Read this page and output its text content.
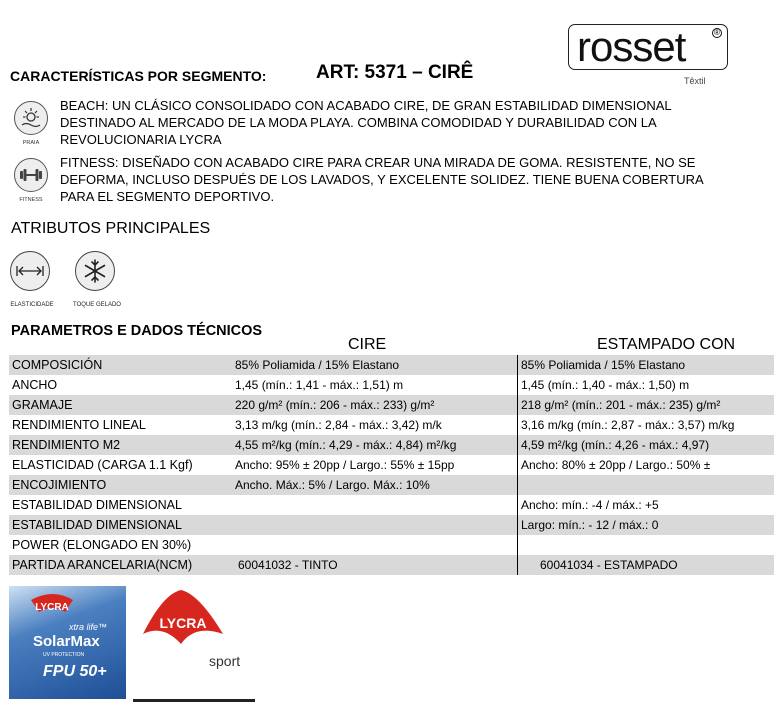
rosset	®
Têxtil
CARACTERÍSTICAS POR SEGMENTO:	ART: 5371 – CIRÊ
PRAIA
BEACH: UN CLÁSICO CONSOLIDADO CON ACABADO CIRE, DE GRAN ESTABILIDAD DIMENSIONAL DESTINADO AL MERCADO DE LA MODA PLAYA. COMBINA COMODIDAD Y DURABILIDAD CON LA REVOLUCIONARIA LYCRA
FITNESS
FITNESS: DISEÑADO CON ACABADO CIRE PARA CREAR UNA MIRADA DE GOMA. RESISTENTE, NO SE DEFORMA, INCLUSO DESPUÉS DE LOS LAVADOS, Y EXCELENTE SOLIDEZ. TIENE BUENA COBERTURA PARA EL SEGMENTO DEPORTIVO.
ATRIBUTOS PRINCIPALES
ELASTICIDADE	TOQUE GELADO
PARAMETROS E DADOS TÉCNICOS
CIRE	ESTAMPADO CON
COMPOSICIÓN	85% Poliamida / 15% Elastano	85% Poliamida / 15% Elastano
ANCHO	1,45 (mín.: 1,41 - máx.: 1,51) m	1,45 (mín.: 1,40 - máx.: 1,50) m
GRAMAJE	220 g/m² (mín.: 206 - máx.: 233) g/m²	218 g/m² (mín.: 201 - máx.: 235) g/m²
RENDIMIENTO LINEAL	3,13 m/kg (mín.: 2,84 - máx.: 3,42) m/k	3,16 m/kg (mín.: 2,87 - máx.: 3,57) m/kg
RENDIMIENTO M2	4,55 m²/kg (mín.: 4,29 - máx.: 4,84) m²/kg	4,59 m²/kg (mín.: 4,26 - máx.: 4,97)
ELASTICIDAD (CARGA 1.1 Kgf)	Ancho: 95% ± 20pp / Largo.: 55% ± 15pp	Ancho: 80% ± 20pp / Largo.: 50% ±
ENCOJIMIENTO	Ancho. Máx.: 5% / Largo. Máx.: 10%	
ESTABILIDAD DIMENSIONAL		Ancho: mín.: -4 / máx.: +5
ESTABILIDAD DIMENSIONAL		Largo: mín.: - 12 / máx.: 0
POWER (ELONGADO EN 30%)		
PARTIDA ARANCELARIA(NCM)	60041032 - TINTO	60041034 - ESTAMPADO
LYCRA
xtra life™
SolarMax
UV PROTECTION
FPU 50+
LYCRA
sport
